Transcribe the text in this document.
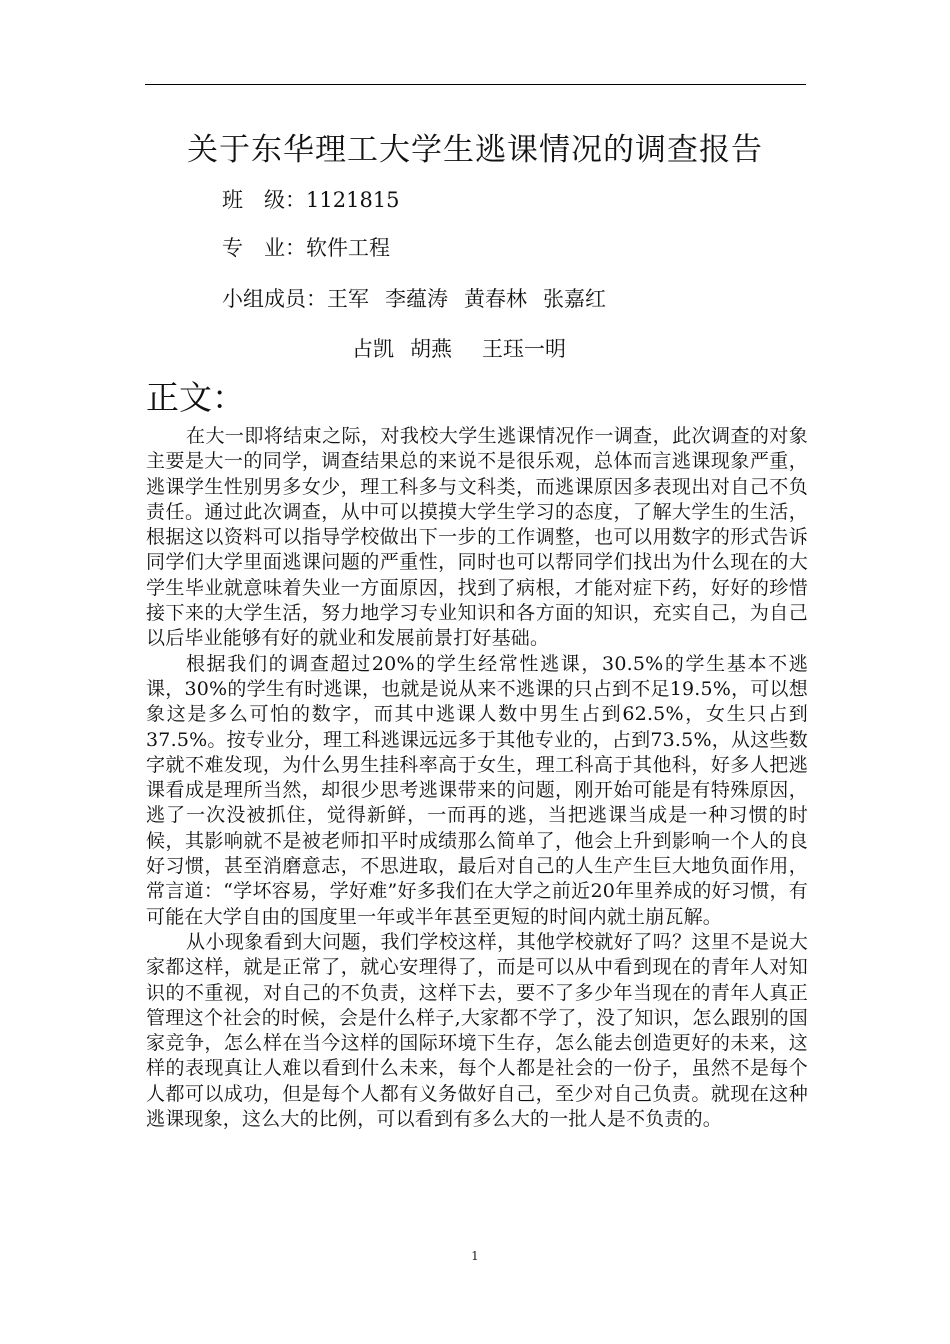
关于东华理工大学生逃课情况的调查报告
班　级：1121815
专　业：软件工程
小组成员：王军 李蕴涛 黄春林 张嘉红
占凯 胡燕 王珏一明
正文：

在大一即将结束之际，对我校大学生逃课情况作一调查，此次调查的对象主要是大一的同学，调查结果总的来说不是很乐观，总体而言逃课现象严重，逃课学生性别男多女少，理工科多与文科类，而逃课原因多表现出对自己不负责任。通过此次调查，从中可以摸摸大学生学习的态度，了解大学生的生活，根据这以资料可以指导学校做出下一步的工作调整，也可以用数字的形式告诉同学们大学里面逃课问题的严重性，同时也可以帮同学们找出为什么现在的大学生毕业就意味着失业一方面原因，找到了病根，才能对症下药，好好的珍惜接下来的大学生活，努力地学习专业知识和各方面的知识，充实自己，为自己以后毕业能够有好的就业和发展前景打好基础。

根据我们的调查超过20%的学生经常性逃课，30.5%的学生基本不逃课，30%的学生有时逃课，也就是说从来不逃课的只占到不足19.5%，可以想象这是多么可怕的数字，而其中逃课人数中男生占到62.5%，女生只占到37.5%。按专业分，理工科逃课远远多于其他专业的，占到73.5%，从这些数字就不难发现，为什么男生挂科率高于女生，理工科高于其他科，好多人把逃课看成是理所当然，却很少思考逃课带来的问题，刚开始可能是有特殊原因，逃了一次没被抓住，觉得新鲜，一而再的逃，当把逃课当成是一种习惯的时候，其影响就不是被老师扣平时成绩那么简单了，他会上升到影响一个人的良好习惯，甚至消磨意志，不思进取，最后对自己的人生产生巨大地负面作用，常言道：“学坏容易，学好难”好多我们在大学之前近20年里养成的好习惯，有可能在大学自由的国度里一年或半年甚至更短的时间内就土崩瓦解。

从小现象看到大问题，我们学校这样，其他学校就好了吗？这里不是说大家都这样，就是正常了，就心安理得了，而是可以从中看到现在的青年人对知识的不重视，对自己的不负责，这样下去，要不了多少年当现在的青年人真正管理这个社会的时候，会是什么样子,大家都不学了，没了知识，怎么跟别的国家竞争，怎么样在当今这样的国际环境下生存，怎么能去创造更好的未来，这样的表现真让人难以看到什么未来，每个人都是社会的一份子，虽然不是每个人都可以成功，但是每个人都有义务做好自己，至少对自己负责。就现在这种逃课现象，这么大的比例，可以看到有多么大的一批人是不负责的。

1
